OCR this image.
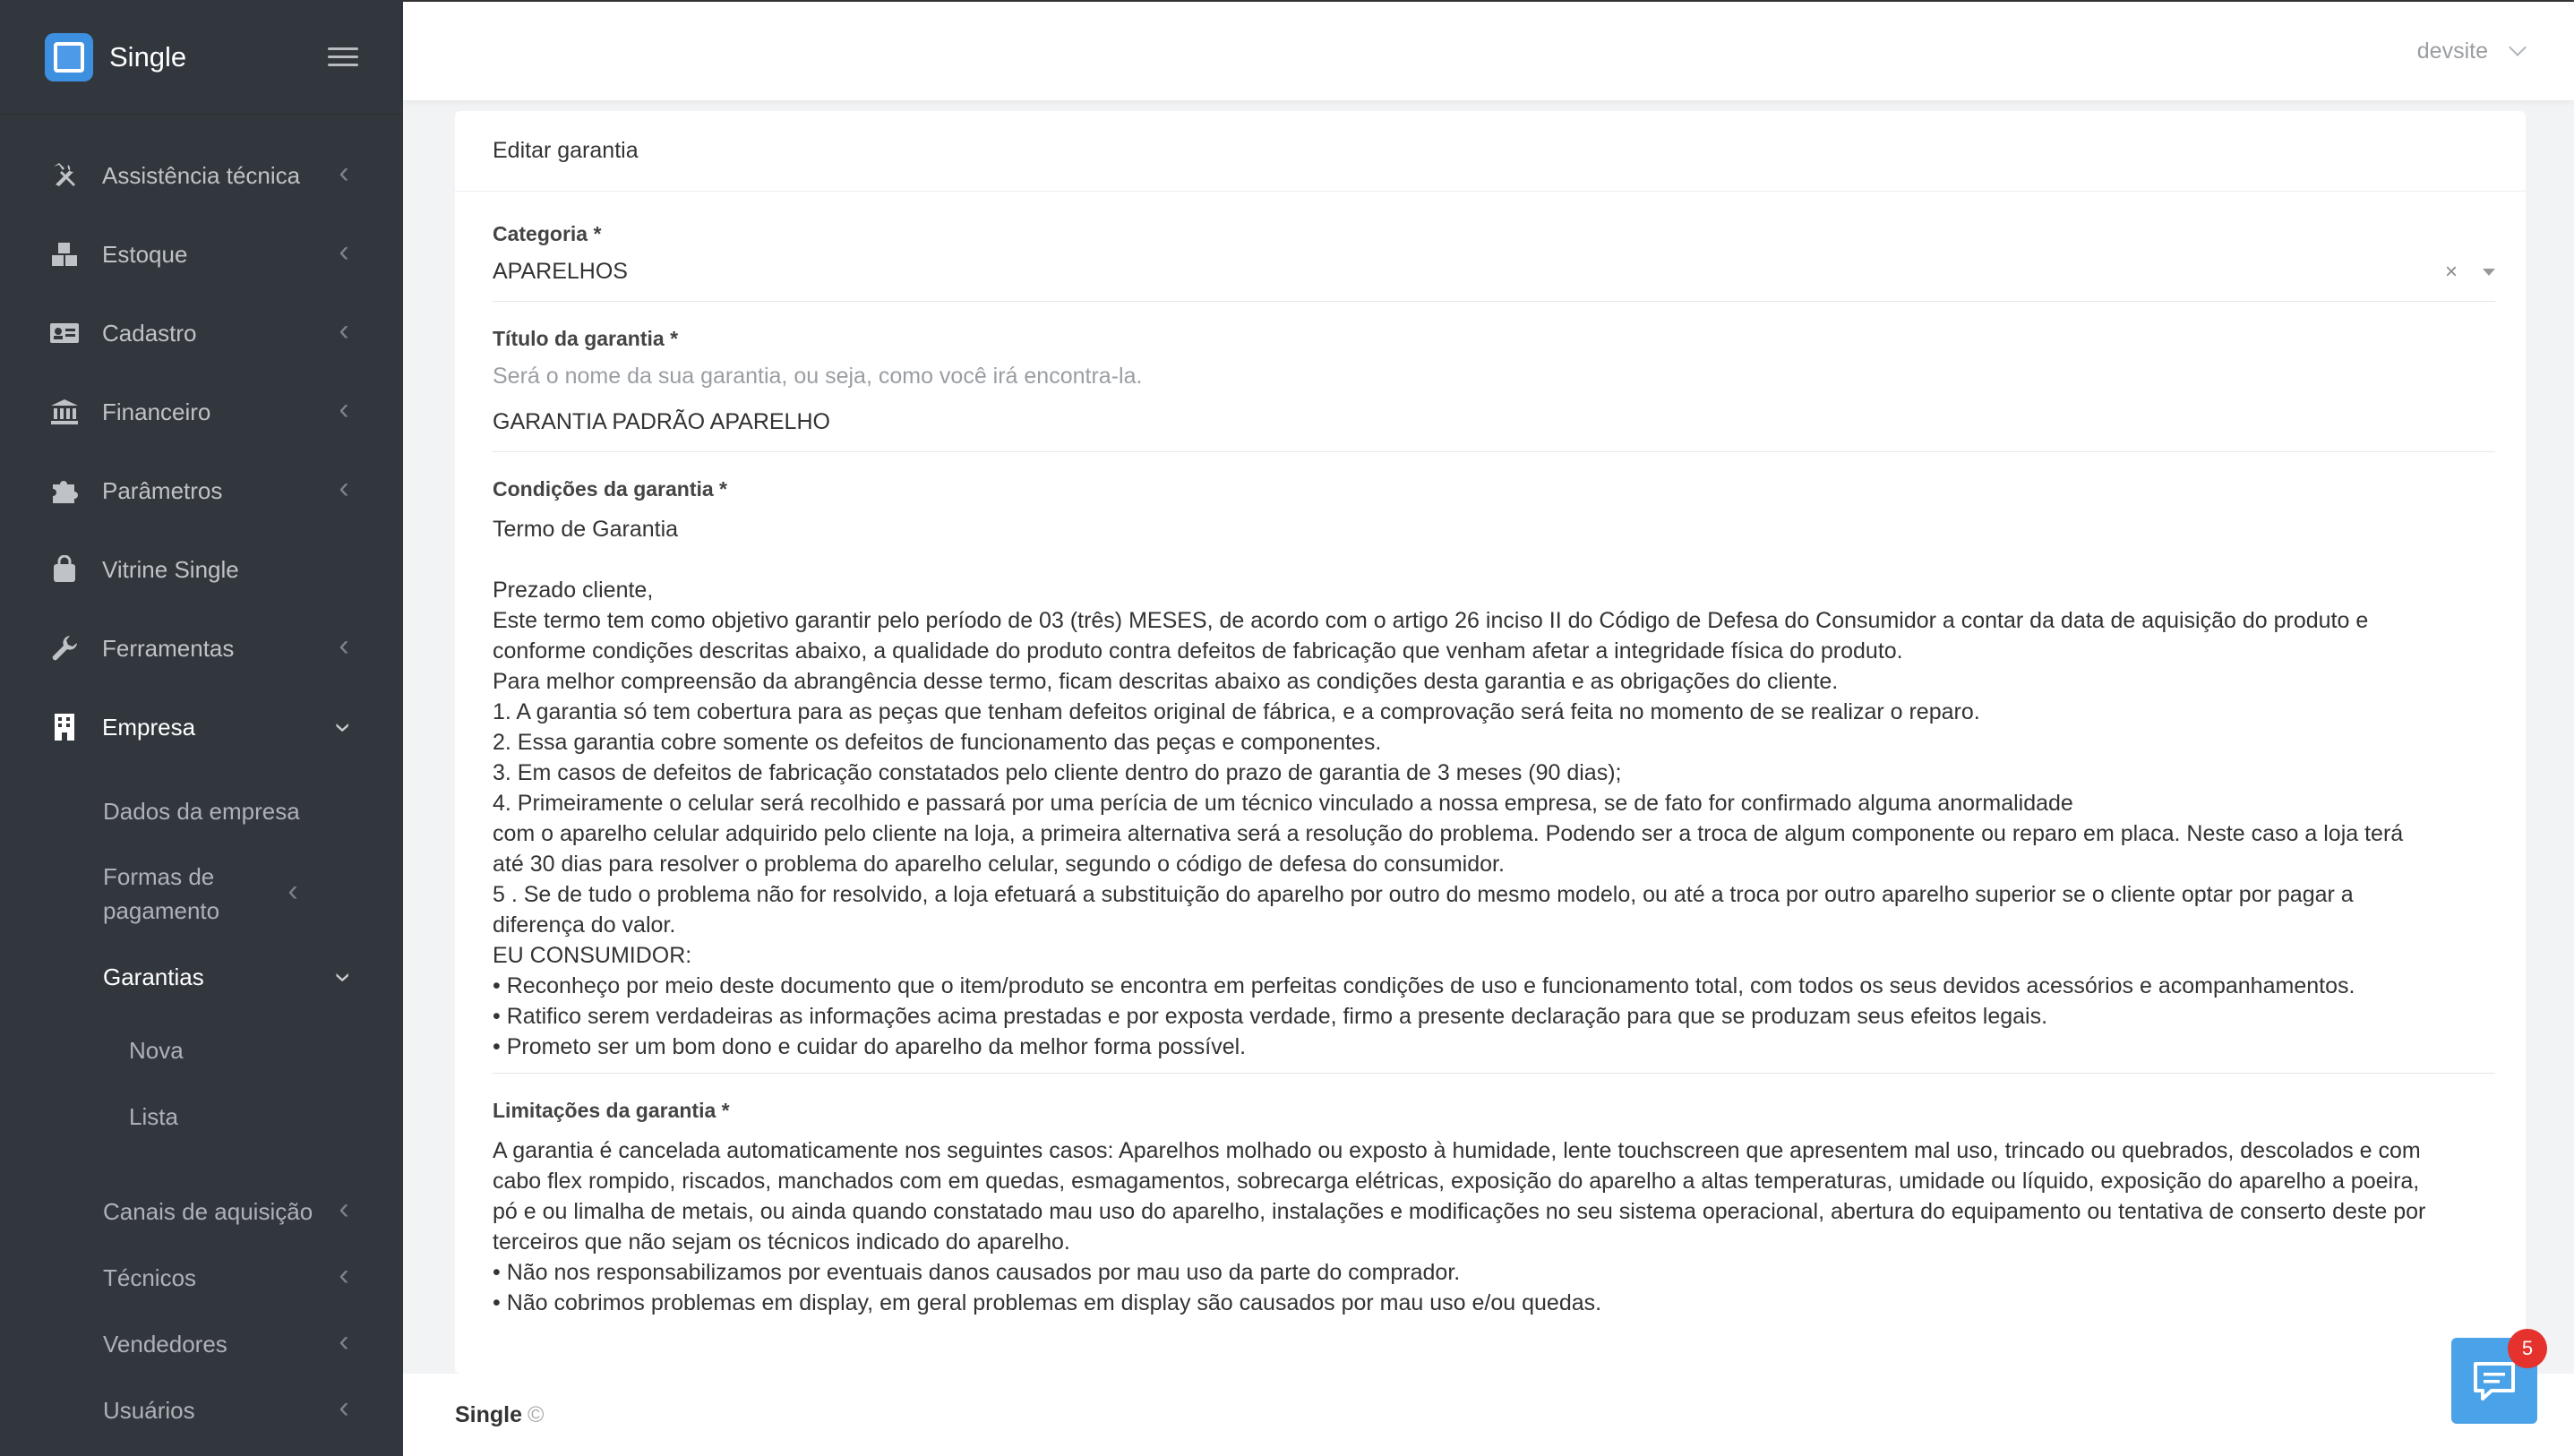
Single
Assistência técnica
‹
Estoque
‹
Cadastro
‹
Financeiro
‹
Parâmetros
‹
Vitrine Single
Ferramentas
‹
Empresa
›
Dados da empresa
Formas de pagamento
‹
Garantias
›
Nova
Lista
Canais de aquisição
‹
Técnicos
‹
Vendedores
‹
Usuários
‹
devsite
Editar garantia
Categoria *
APARELHOS	×
Título da garantia *
Será o nome da sua garantia, ou seja, como você irá encontra-la.
GARANTIA PADRÃO APARELHO
Condições da garantia *

Termo de Garantia

Prezado cliente,

Este termo tem como objetivo garantir pelo período de 03 (três) MESES, de acordo com o artigo 26 inciso II do Código de Defesa do Consumidor a contar da data de aquisição do produto e

conforme condições descritas abaixo, a qualidade do produto contra defeitos de fabricação que venham afetar a integridade física do produto.

Para melhor compreensão da abrangência desse termo, ficam descritas abaixo as condições desta garantia e as obrigações do cliente.

1. A garantia só tem cobertura para as peças que tenham defeitos original de fábrica, e a comprovação será feita no momento de se realizar o reparo.

2. Essa garantia cobre somente os defeitos de funcionamento das peças e componentes.

3. Em casos de defeitos de fabricação constatados pelo cliente dentro do prazo de garantia de 3 meses (90 dias);

4. Primeiramente o celular será recolhido e passará por uma perícia de um técnico vinculado a nossa empresa, se de fato for confirmado alguma anormalidade

com o aparelho celular adquirido pelo cliente na loja, a primeira alternativa será a resolução do problema. Podendo ser a troca de algum componente ou reparo em placa. Neste caso a loja terá

até 30 dias para resolver o problema do aparelho celular, segundo o código de defesa do consumidor.

5 . Se de tudo o problema não for resolvido, a loja efetuará a substituição do aparelho por outro do mesmo modelo, ou até a troca por outro aparelho superior se o cliente optar por pagar a

diferença do valor.

EU CONSUMIDOR:

• Reconheço por meio deste documento que o item/produto se encontra em perfeitas condições de uso e funcionamento total, com todos os seus devidos acessórios e acompanhamentos.

• Ratifico serem verdadeiras as informações acima prestadas e por exposta verdade, firmo a presente declaração para que se produzam seus efeitos legais.

• Prometo ser um bom dono e cuidar do aparelho da melhor forma possível.

Limitações da garantia *

A garantia é cancelada automaticamente nos seguintes casos: Aparelhos molhado ou exposto à humidade, lente touchscreen que apresentem mal uso, trincado ou quebrados, descolados e com

cabo flex rompido, riscados, manchados com em quedas, esmagamentos, sobrecarga elétricas, exposição do aparelho a altas temperaturas, umidade ou líquido, exposição do aparelho a poeira,

pó e ou limalha de metais, ou ainda quando constatado mau uso do aparelho, instalações e modificações no seu sistema operacional, abertura do equipamento ou tentativa de conserto deste por

terceiros que não sejam os técnicos indicado do aparelho.

• Não nos responsabilizamos por eventuais danos causados por mau uso da parte do comprador.

• Não cobrimos problemas em display, em geral problemas em display são causados por mau uso e/ou quedas.

Single ©
5
